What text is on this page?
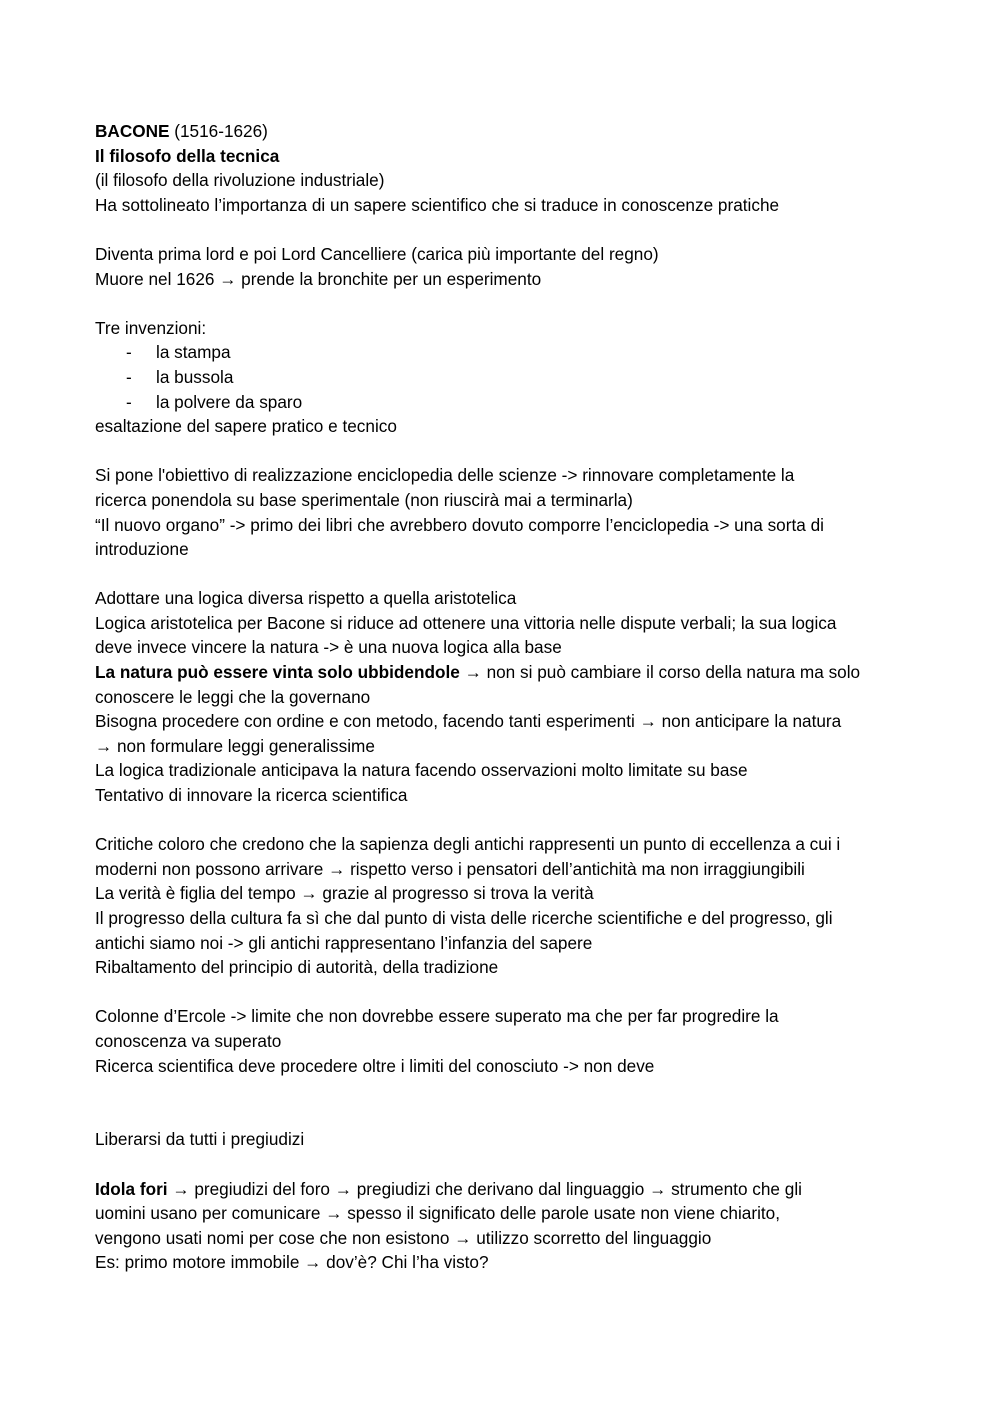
BACONE (1516-1626)
Il filosofo della tecnica
(il filosofo della rivoluzione industriale)
Ha sottolineato l’importanza di un sapere scientifico che si traduce in conoscenze pratiche
Diventa prima lord e poi Lord Cancelliere (carica più importante del regno)
Muore nel 1626 → prende la bronchite per un esperimento
Tre invenzioni:
- la stampa
- la bussola
- la polvere da sparo
esaltazione del sapere pratico e tecnico
Si pone l'obiettivo di realizzazione enciclopedia delle scienze -> rinnovare completamente la
ricerca ponendola su base sperimentale (non riuscirà mai a terminarla)
“Il nuovo organo” -> primo dei libri che avrebbero dovuto comporre l’enciclopedia -> una sorta di
introduzione
Adottare una logica diversa rispetto a quella aristotelica
Logica aristotelica per Bacone si riduce ad ottenere una vittoria nelle dispute verbali; la sua logica
deve invece vincere la natura -> è una nuova logica alla base
La natura può essere vinta solo ubbidendole → non si può cambiare il corso della natura ma solo
conoscere le leggi che la governano
Bisogna procedere con ordine e con metodo, facendo tanti esperimenti → non anticipare la natura
→ non formulare leggi generalissime
La logica tradizionale anticipava la natura facendo osservazioni molto limitate su base
Tentativo di innovare la ricerca scientifica
Critiche coloro che credono che la sapienza degli antichi rappresenti un punto di eccellenza a cui i
moderni non possono arrivare → rispetto verso i pensatori dell’antichità ma non irraggiungibili
La verità è figlia del tempo → grazie al progresso si trova la verità
Il progresso della cultura fa sì che dal punto di vista delle ricerche scientifiche e del progresso, gli
antichi siamo noi -> gli antichi rappresentano l’infanzia del sapere
Ribaltamento del principio di autorità, della tradizione
Colonne d’Ercole -> limite che non dovrebbe essere superato ma che per far progredire la
conoscenza va superato
Ricerca scientifica deve procedere oltre i limiti del conosciuto -> non deve
Liberarsi da tutti i pregiudizi
Idola fori → pregiudizi del foro → pregiudizi che derivano dal linguaggio → strumento che gli
uomini usano per comunicare → spesso il significato delle parole usate non viene chiarito,
vengono usati nomi per cose che non esistono → utilizzo scorretto del linguaggio
Es: primo motore immobile → dov’è? Chi l’ha visto?
